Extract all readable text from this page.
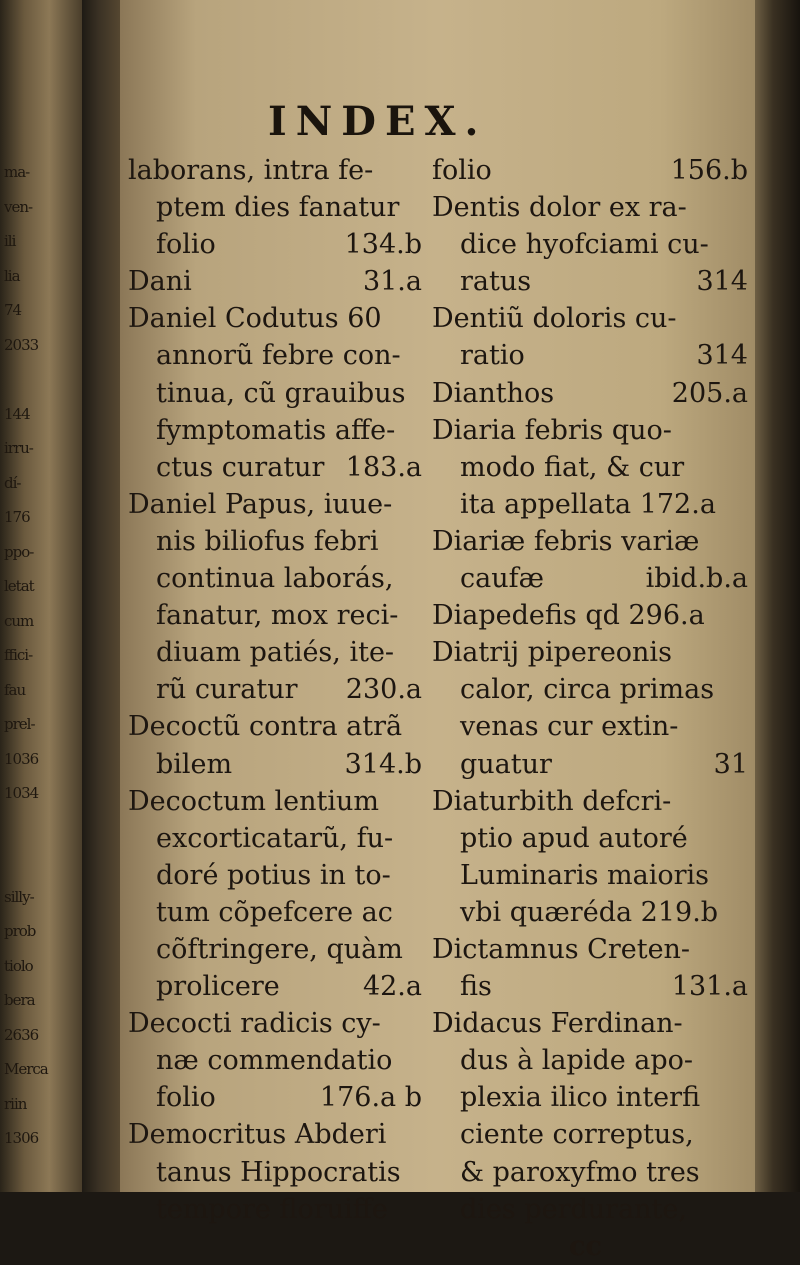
ma-
ven-
ili
lia
74
2033
144
irru-
dí-
176
ppo-
letat
cum
ffici-
fau
prel-
1036
1034
silly-
prob
tiolo
bera
2636
Merca
riin
1306
INDEX.
laborans, intra fe-
ptem dies fanatur
folio	134.b
Dani	31.a
Daniel Codutus 60
annorũ febre con-
tinua, cũ grauibus
fymptomatis affe-
ctus curatur 183.a
Daniel Papus, iuue-
nis biliofus febri
continua laborás,
fanatur, mox reci-
diuam patiés, ite-
rũ curatur 230.a
Decoctũ contra atrã
bilem	314.b
Decoctum lentium
excorticatarũ, fu-
doré potius in to-
tum cõpefcere ac
cõftringere, quàm
prolicere	42.a
Decocti radicis cy-
næ commendatio
folio	176.a b
Democritus Abderi
tanus Hippocratis
tempore floruiffe
folio	156.b
Dentis dolor ex ra-
dice hyofciami cu-
ratus	314
Dentiũ doloris cu-
ratio	314
Dianthos	205.a
Diaria febris quo-
modo fiat, & cur
ita appellata 172.a
Diariæ febris variæ
caufæ	ibid.b.a
Diapedefis qd 296.a
Diatrij pipereonis
calor, circa primas
venas cur extin-
guatur	31
Diaturbith defcri-
ptio apud autoré
Luminaris maioris
vbi quæréda 219.b
Dictamnus Creten-
fis	131.a
Didacus Ferdinan-
dus à lapide apo-
plexia ilico interfi
ciente correptus,
& paroxyfmo tres
dies perdurante,
cc
